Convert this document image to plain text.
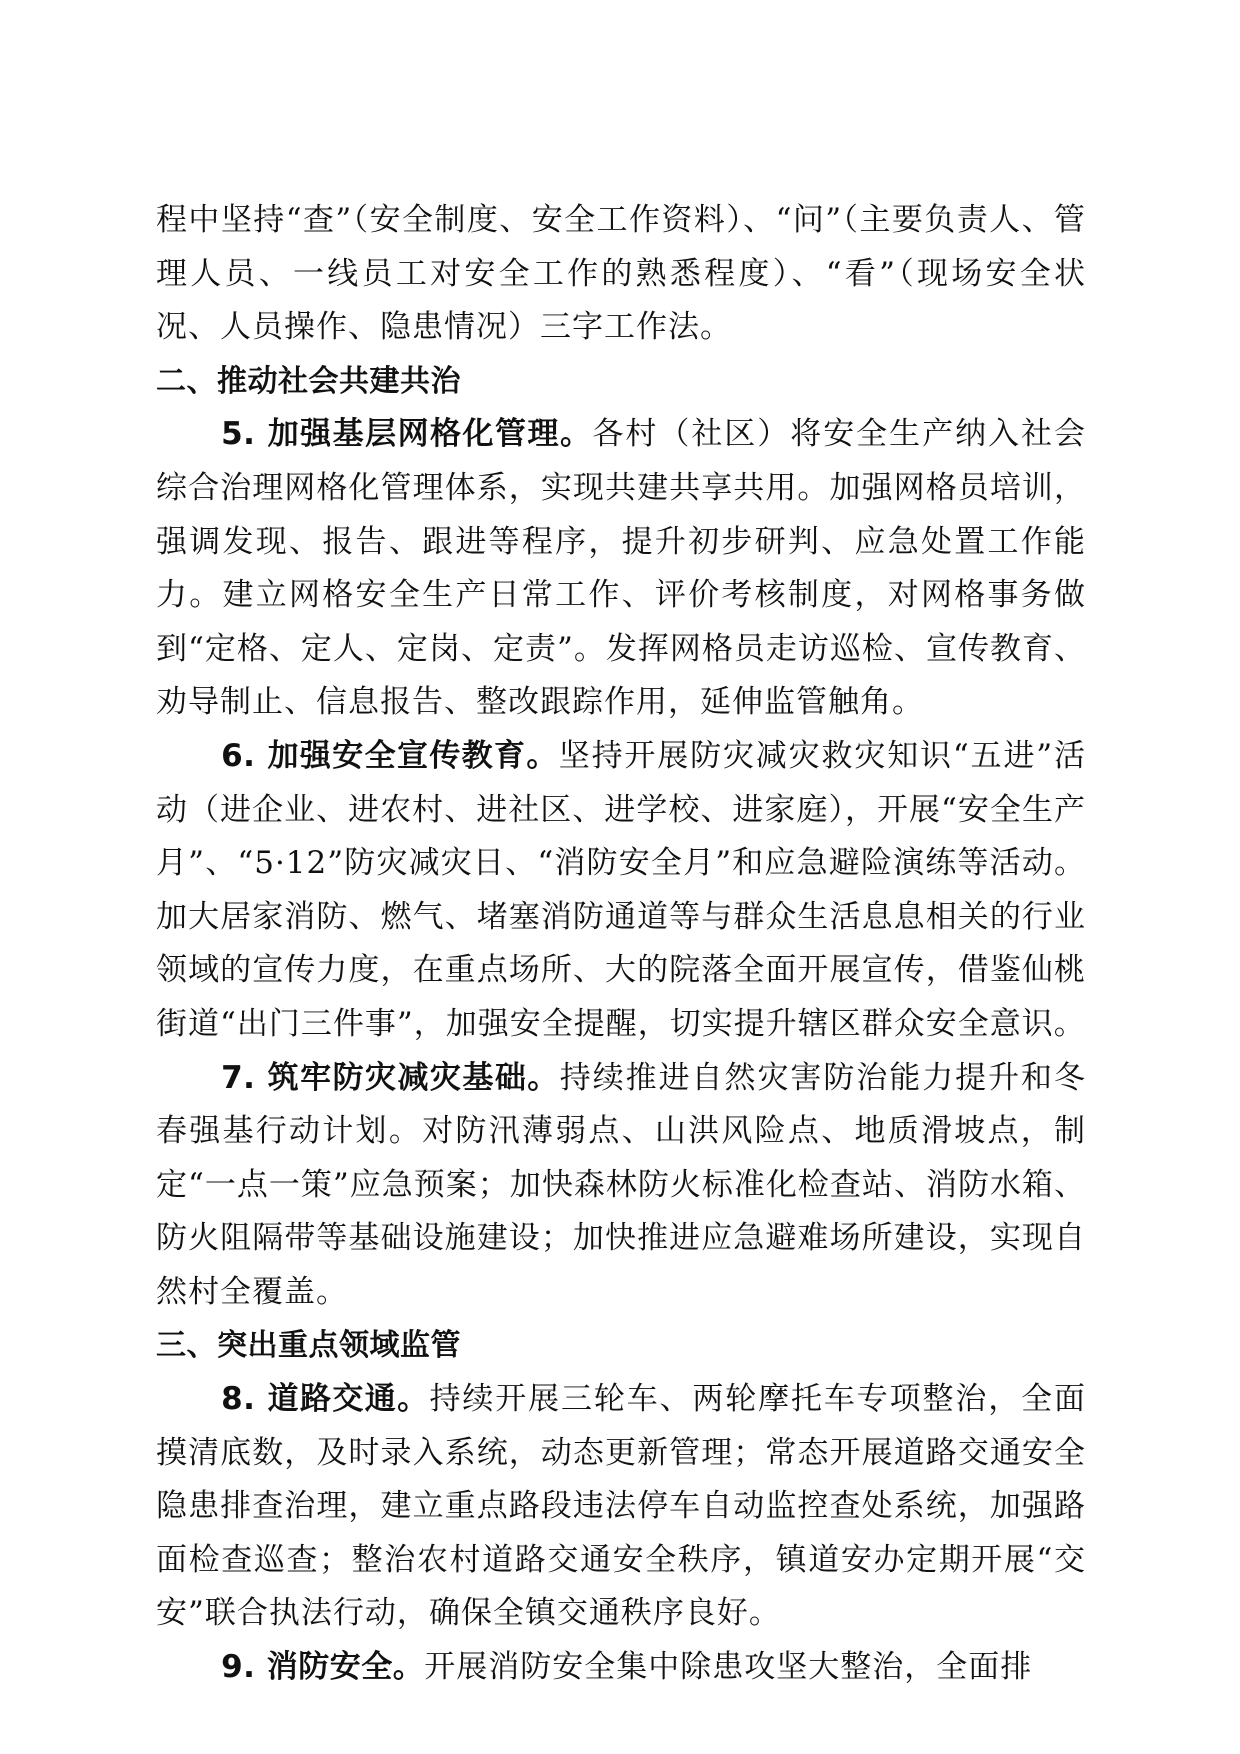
程中坚持“查”（安全制度、安全工作资料）、“问”（主要负责人、管理人员、一线员工对安全工作的熟悉程度）、“看”（现场安全状况、人员操作、隐患情况）三字工作法。

二、推动社会共建共治

5. 加强基层网格化管理。各村（社区）将安全生产纳入社会综合治理网格化管理体系，实现共建共享共用。加强网格员培训，强调发现、报告、跟进等程序，提升初步研判、应急处置工作能力。建立网格安全生产日常工作、评价考核制度，对网格事务做到“定格、定人、定岗、定责”。发挥网格员走访巡检、宣传教育、劝导制止、信息报告、整改跟踪作用，延伸监管触角。

6. 加强安全宣传教育。坚持开展防灾减灾救灾知识“五进”活动（进企业、进农村、进社区、进学校、进家庭），开展“安全生产月”、“5·12”防灾减灾日、“消防安全月”和应急避险演练等活动。加大居家消防、燃气、堵塞消防通道等与群众生活息息相关的行业领域的宣传力度，在重点场所、大的院落全面开展宣传，借鉴仙桃街道“出门三件事”，加强安全提醒，切实提升辖区群众安全意识。

7. 筑牢防灾减灾基础。持续推进自然灾害防治能力提升和冬春强基行动计划。对防汛薄弱点、山洪风险点、地质滑坡点，制定“一点一策”应急预案；加快森林防火标准化检查站、消防水箱、防火阻隔带等基础设施建设；加快推进应急避难场所建设，实现自然村全覆盖。

三、突出重点领域监管

8. 道路交通。持续开展三轮车、两轮摩托车专项整治，全面摸清底数，及时录入系统，动态更新管理；常态开展道路交通安全隐患排查治理，建立重点路段违法停车自动监控查处系统，加强路面检查巡查；整治农村道路交通安全秩序，镇道安办定期开展“交安”联合执法行动，确保全镇交通秩序良好。

9. 消防安全。开展消防安全集中除患攻坚大整治，全面排
